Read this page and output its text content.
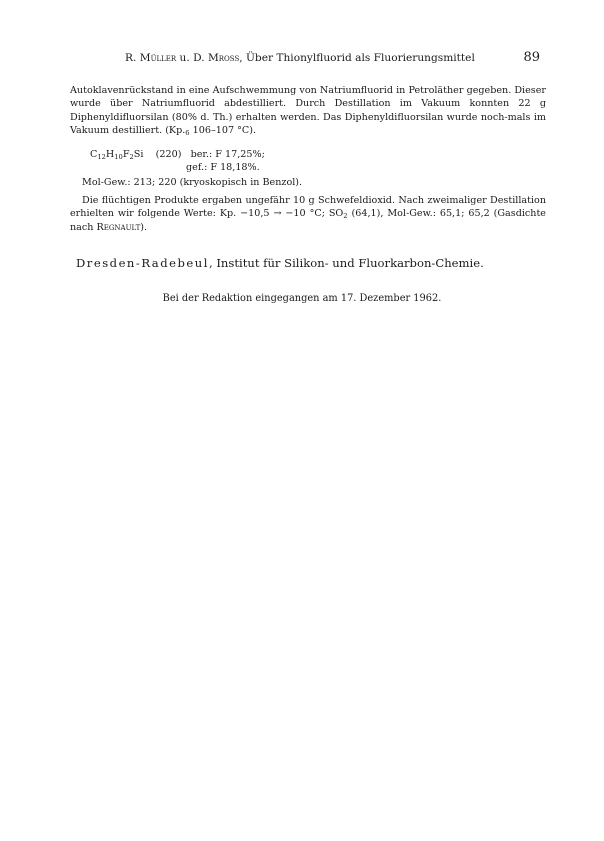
R. Müller u. D. Mross, Über Thionylfluorid als Fluorierungsmittel	89
Autoklavenrückstand in eine Aufschwemmung von Natriumfluorid in Petroläther gegeben. Dieser wurde über Natriumfluorid abdestilliert. Durch Destillation im Vakuum konnten 22 g Diphenyldifluorsilan (80% d. Th.) erhalten werden. Das Diphenyldifluorsilan wurde noch-mals im Vakuum destilliert. ($Kp._6$ 106–107 °C).
$C_{12}H_{10}F_2Si$ (220) ber.: F 17,25%;
gef.: F 18,18%.
Mol-Gew.: 213; 220 (kryoskopisch in Benzol).
Die flüchtigen Produkte ergaben ungefähr 10 g Schwefeldioxid. Nach zweimaliger Destillation erhielten wir folgende Werte: Kp. −10,5 → −10 °C; $SO_2$ (64,1), Mol-Gew.: 65,1; 65,2 (Gasdichte nach Regnault).
Dresden-Radebeul, Institut für Silikon- und Fluorkarbon-Chemie.
Bei der Redaktion eingegangen am 17. Dezember 1962.
